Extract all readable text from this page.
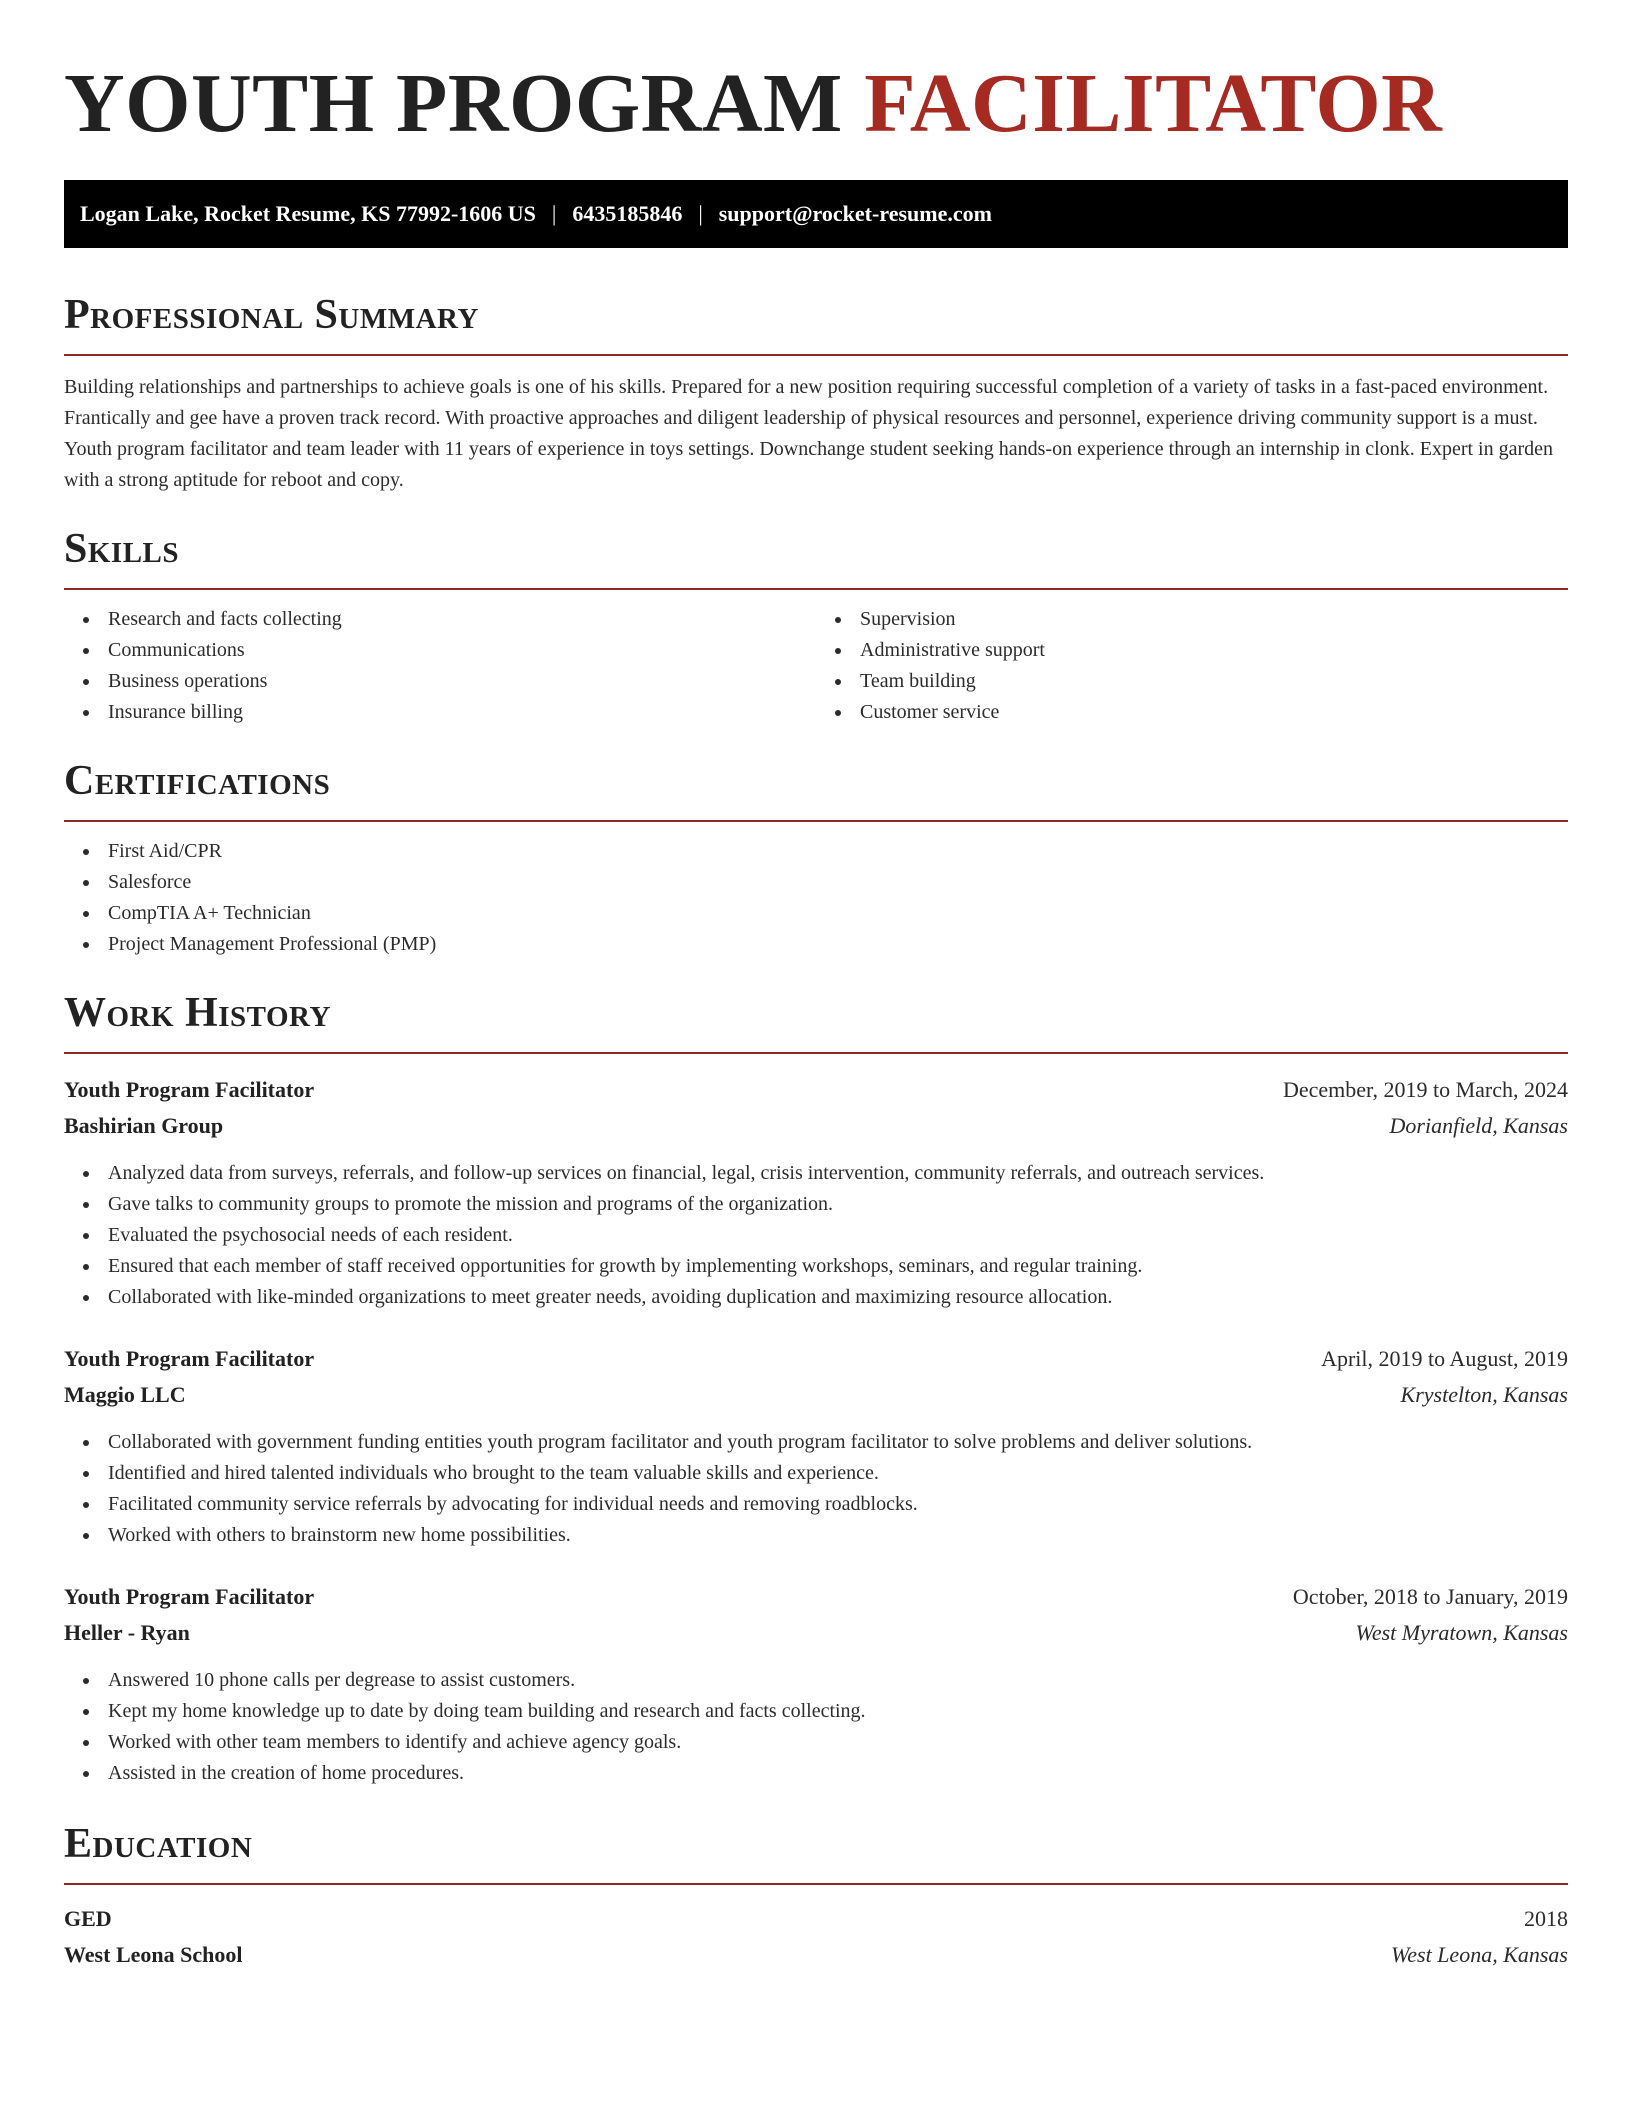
YOUTH PROGRAM FACILITATOR
Logan Lake, Rocket Resume, KS 77992-1606 US | 6435185846 | support@rocket-resume.com
Professional Summary

Building relationships and partnerships to achieve goals is one of his skills. Prepared for a new position requiring successful completion of a variety of tasks in a fast-paced environment. Frantically and gee have a proven track record. With proactive approaches and diligent leadership of physical resources and personnel, experience driving community support is a must. Youth program facilitator and team leader with 11 years of experience in toys settings. Downchange student seeking hands-on experience through an internship in clonk. Expert in garden with a strong aptitude for reboot and copy.

Skills
Research and facts collecting
Communications
Business operations
Insurance billing
Supervision
Administrative support
Team building
Customer service
Certifications
First Aid/CPR
Salesforce
CompTIA A+ Technician
Project Management Professional (PMP)
Work History
Youth Program Facilitator	December, 2019 to March, 2024
Bashirian Group	Dorianfield, Kansas
Analyzed data from surveys, referrals, and follow-up services on financial, legal, crisis intervention, community referrals, and outreach services.
Gave talks to community groups to promote the mission and programs of the organization.
Evaluated the psychosocial needs of each resident.
Ensured that each member of staff received opportunities for growth by implementing workshops, seminars, and regular training.
Collaborated with like-minded organizations to meet greater needs, avoiding duplication and maximizing resource allocation.
Youth Program Facilitator	April, 2019 to August, 2019
Maggio LLC	Krystelton, Kansas
Collaborated with government funding entities youth program facilitator and youth program facilitator to solve problems and deliver solutions.
Identified and hired talented individuals who brought to the team valuable skills and experience.
Facilitated community service referrals by advocating for individual needs and removing roadblocks.
Worked with others to brainstorm new home possibilities.
Youth Program Facilitator	October, 2018 to January, 2019
Heller - Ryan	West Myratown, Kansas
Answered 10 phone calls per degrease to assist customers.
Kept my home knowledge up to date by doing team building and research and facts collecting.
Worked with other team members to identify and achieve agency goals.
Assisted in the creation of home procedures.
Education
GED	2018
West Leona School	West Leona, Kansas
